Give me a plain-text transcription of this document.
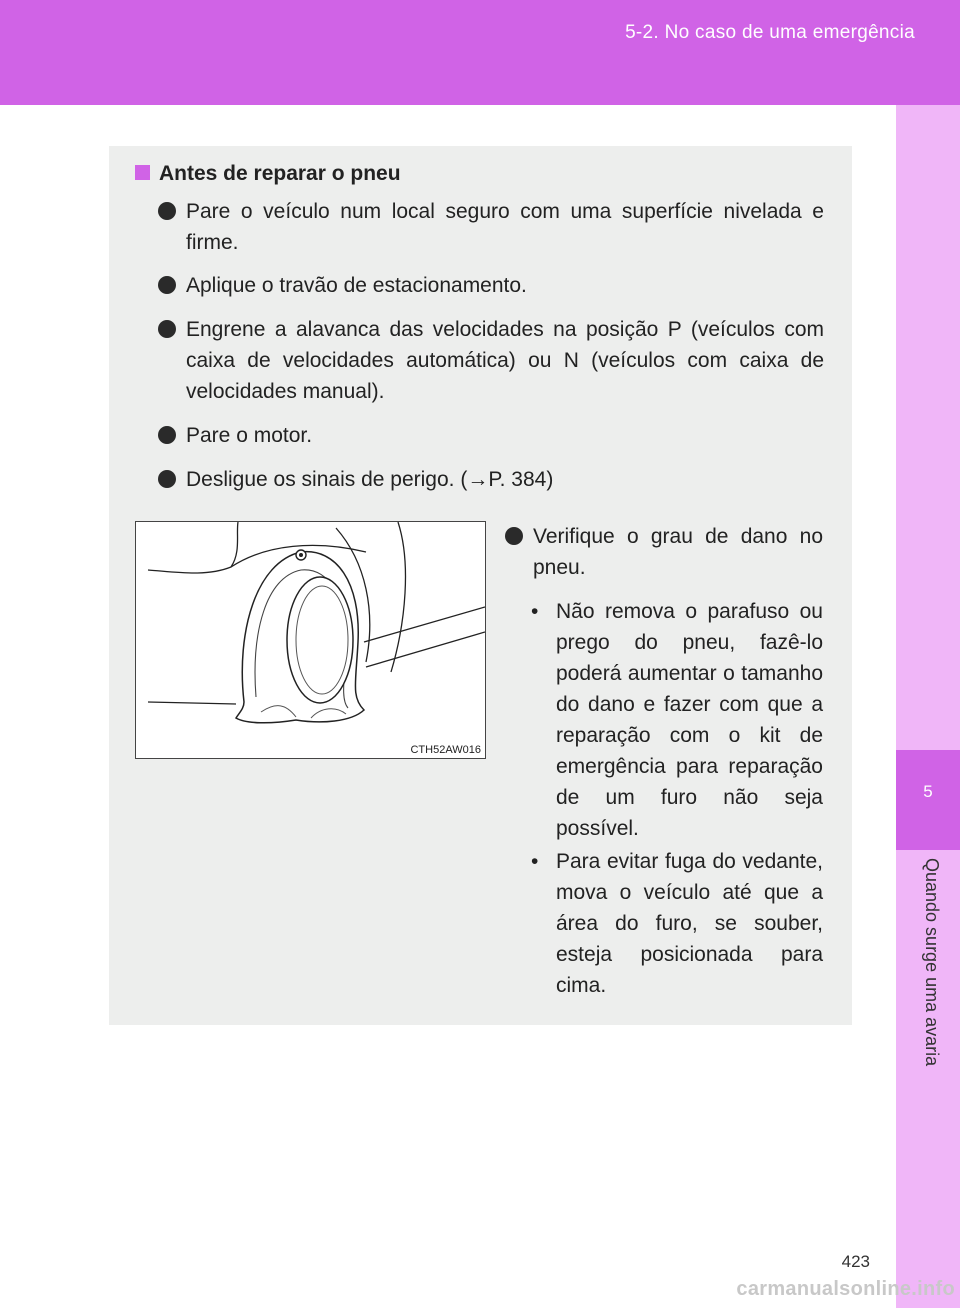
5-2. No caso de uma emergência
5
Quando surge uma avaria
Antes de reparar o pneu
Pare o veículo num local seguro com uma superfície nivelada e firme.
Aplique o travão de estacionamento.
Engrene a alavanca das velocidades na posição P (veículos com caixa de velocidades automática) ou N (veículos com caixa de velocidades manual).
Pare o motor.
Desligue os sinais de perigo. (→P. 384)
CTH52AW016
Verifique o grau de dano no pneu.
• Não remova o parafuso ou prego do pneu, fazê-lo poderá aumentar o tamanho do dano e fazer com que a reparação com o kit de emergência para reparação de um furo não seja possível.
• Para evitar fuga do vedante, mova o veículo até que a área do furo, se souber, esteja posicionada para cima.
423
carmanualsonline.info
